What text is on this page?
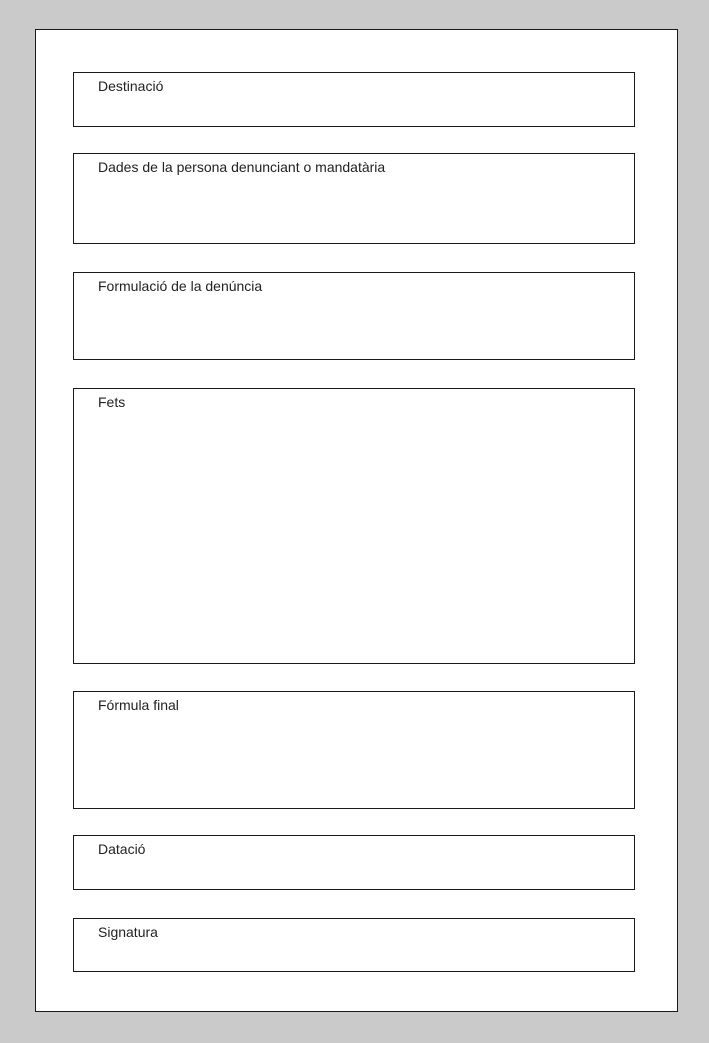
Destinació
Dades de la persona denunciant o mandatària
Formulació de la denúncia
Fets
Fórmula final
Datació
Signatura
